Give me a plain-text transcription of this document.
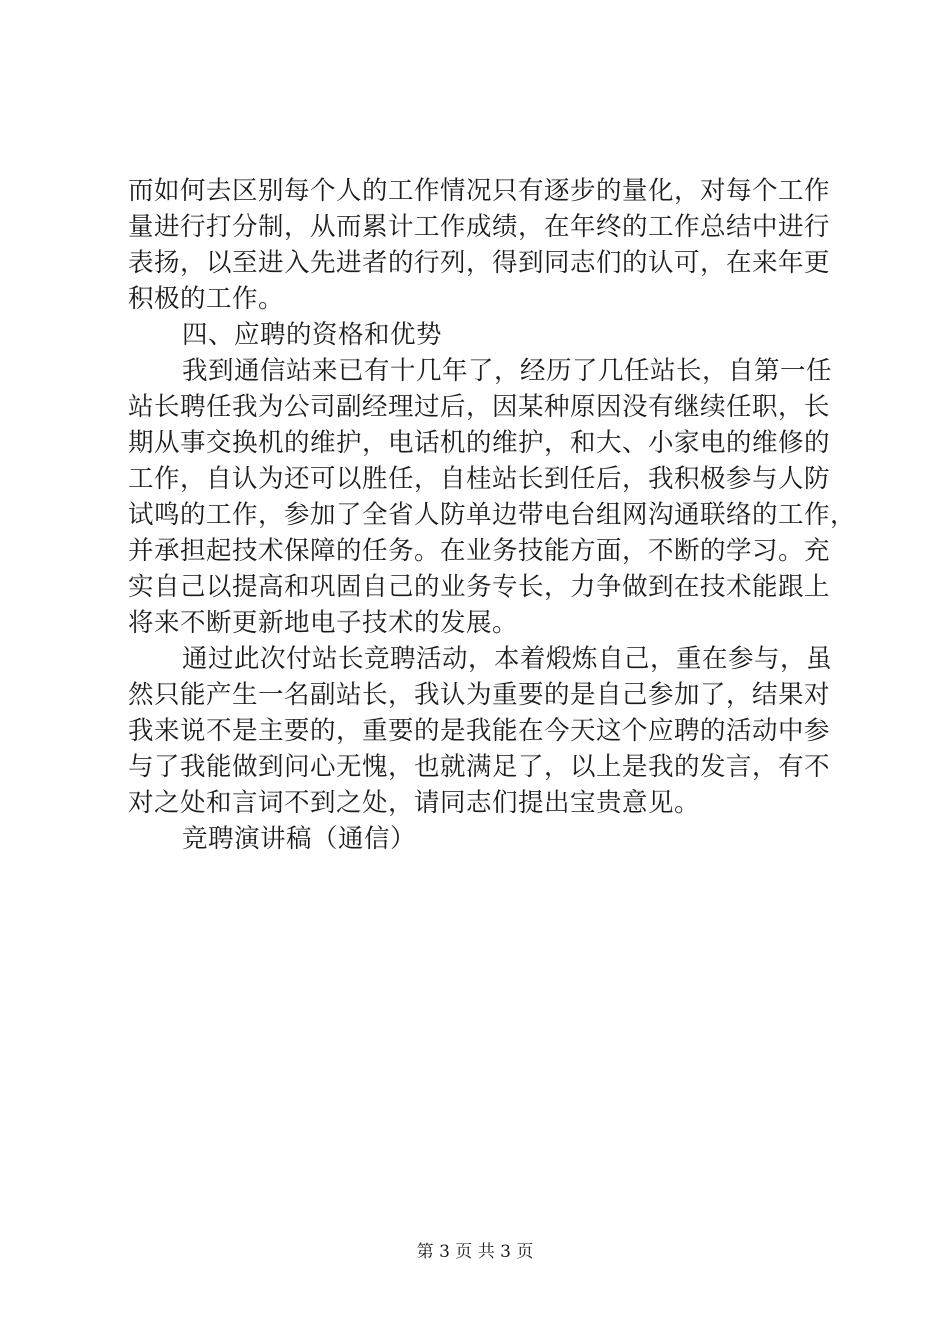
而如何去区别每个人的工作情况只有逐步的量化，对每个工作
量进行打分制，从而累计工作成绩，在年终的工作总结中进行
表扬，以至进入先进者的行列，得到同志们的认可，在来年更
积极的工作。
四、应聘的资格和优势
我到通信站来已有十几年了，经历了几任站长，自第一任
站长聘任我为公司副经理过后，因某种原因没有继续任职，长
期从事交换机的维护，电话机的维护，和大、小家电的维修的
工作，自认为还可以胜任，自桂站长到任后，我积极参与人防
试鸣的工作，参加了全省人防单边带电台组网沟通联络的工作，
并承担起技术保障的任务。在业务技能方面，不断的学习。充
实自己以提高和巩固自己的业务专长，力争做到在技术能跟上
将来不断更新地电子技术的发展。
通过此次付站长竞聘活动，本着煅炼自己，重在参与，虽
然只能产生一名副站长，我认为重要的是自己参加了，结果对
我来说不是主要的，重要的是我能在今天这个应聘的活动中参
与了我能做到问心无愧，也就满足了，以上是我的发言，有不
对之处和言词不到之处，请同志们提出宝贵意见。
竞聘演讲稿（通信）
第 3 页 共 3 页
